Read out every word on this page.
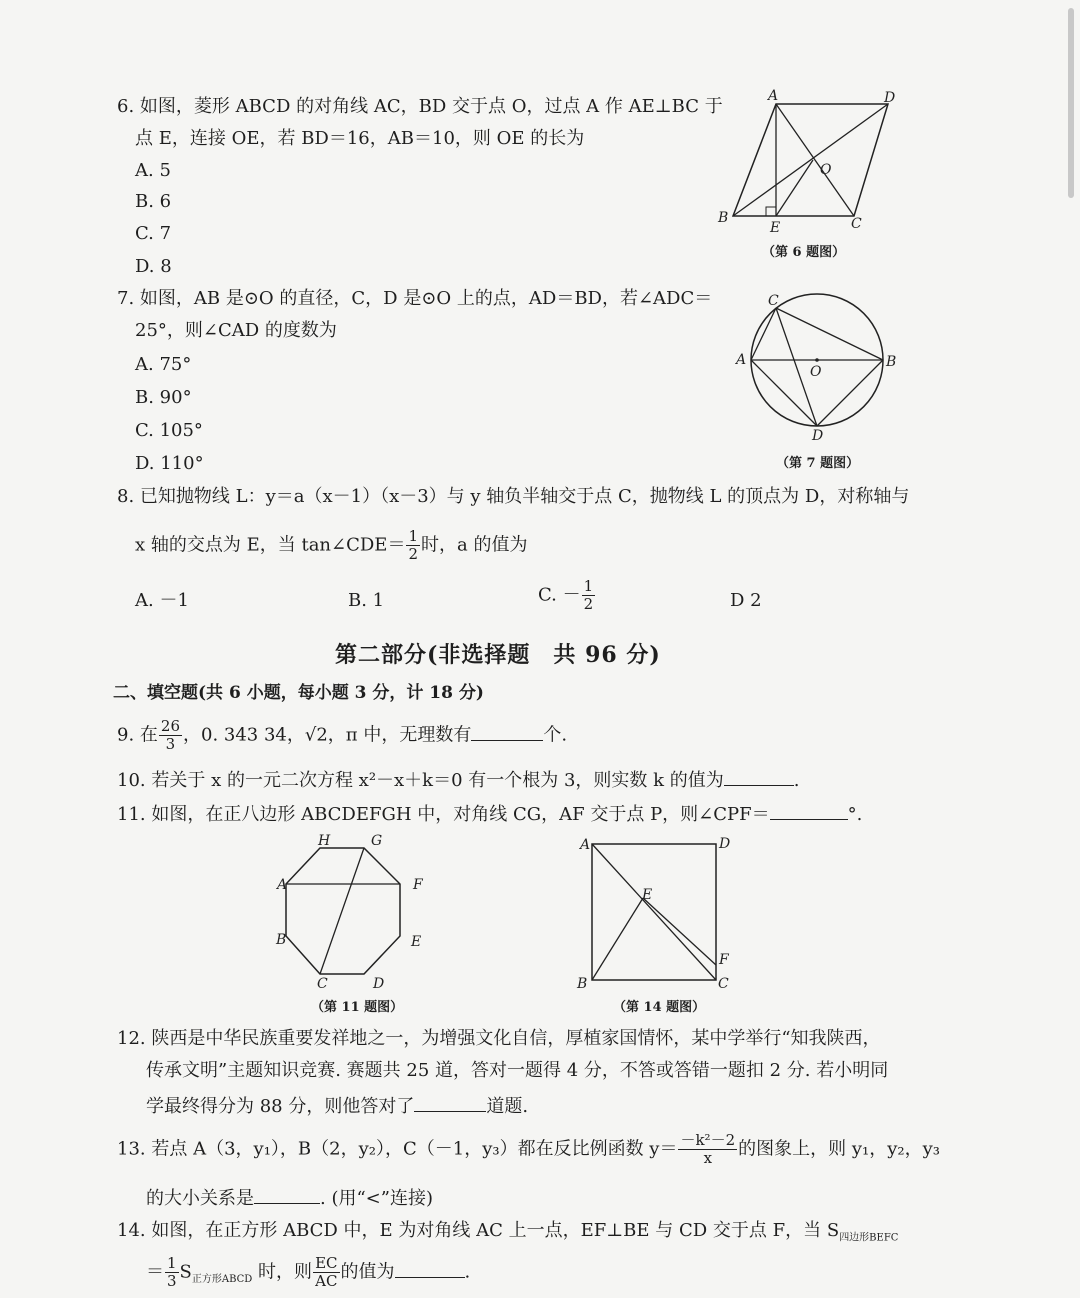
6. 如图，菱形 ABCD 的对角线 AC，BD 交于点 O，过点 A 作 AE⊥BC 于
点 E，连接 OE，若 BD＝16，AB＝10，则 OE 的长为
A. 5
B. 6
C. 7
D. 8
A	D
O
B
E	C
（第 6 题图）
7. 如图，AB 是⊙O 的直径，C，D 是⊙O 上的点，AD＝BD，若∠ADC＝
25°，则∠CAD 的度数为
A. 75°
B. 90°
C. 105°
D. 110°
C
A
O
B
D
（第 7 题图）
8. 已知抛物线 L：y＝a（x－1）（x－3）与 y 轴负半轴交于点 C，抛物线 L 的顶点为 D，对称轴与
x 轴的交点为 E，当 tan∠CDE＝ $\frac{1}{2}$ 时，a 的值为
A. －1	B. 1	C. － $\frac{1}{2}$	D 2
第二部分(非选择题　共 96 分)
二、填空题(共 6 小题，每小题 3 分，计 18 分)
9. 在 $\frac{26}{3}$ ，0. 343 34，√2，π 中，无理数有	个.
10. 若关于 x 的一元二次方程 x²－x＋k＝0 有一个根为 3，则实数 k 的值为	.
11. 如图，在正八边形 ABCDEFGH 中，对角线 CG，AF 交于点 P，则∠CPF＝	°.
H	G
A	F
B	E
C	D
（第 11 题图）
A	D
E
F
B	C
（第 14 题图）
12. 陕西是中华民族重要发祥地之一，为增强文化自信，厚植家国情怀，某中学举行“知我陕西，
传承文明”主题知识竞赛. 赛题共 25 道，答对一题得 4 分，不答或答错一题扣 2 分. 若小明同
学最终得分为 88 分，则他答对了	道题.
13. 若点 A（3，y₁），B（2，y₂），C（－1，y₃）都在反比例函数 $y= \frac{\text{－k²－2}}{x}$ 的图象上，则 y₁，y₂，y₃
的大小关系是	. (用“<”连接)
14. 如图，在正方形 ABCD 中，E 为对角线 AC 上一点，EF⊥BE 与 CD 交于点 F，当 $S_{四边形BEFC}$
＝ $\frac{1}{3} S_{正方形ABCD}$ 时，则 $\frac{EC}{AC}$ 的值为	.
